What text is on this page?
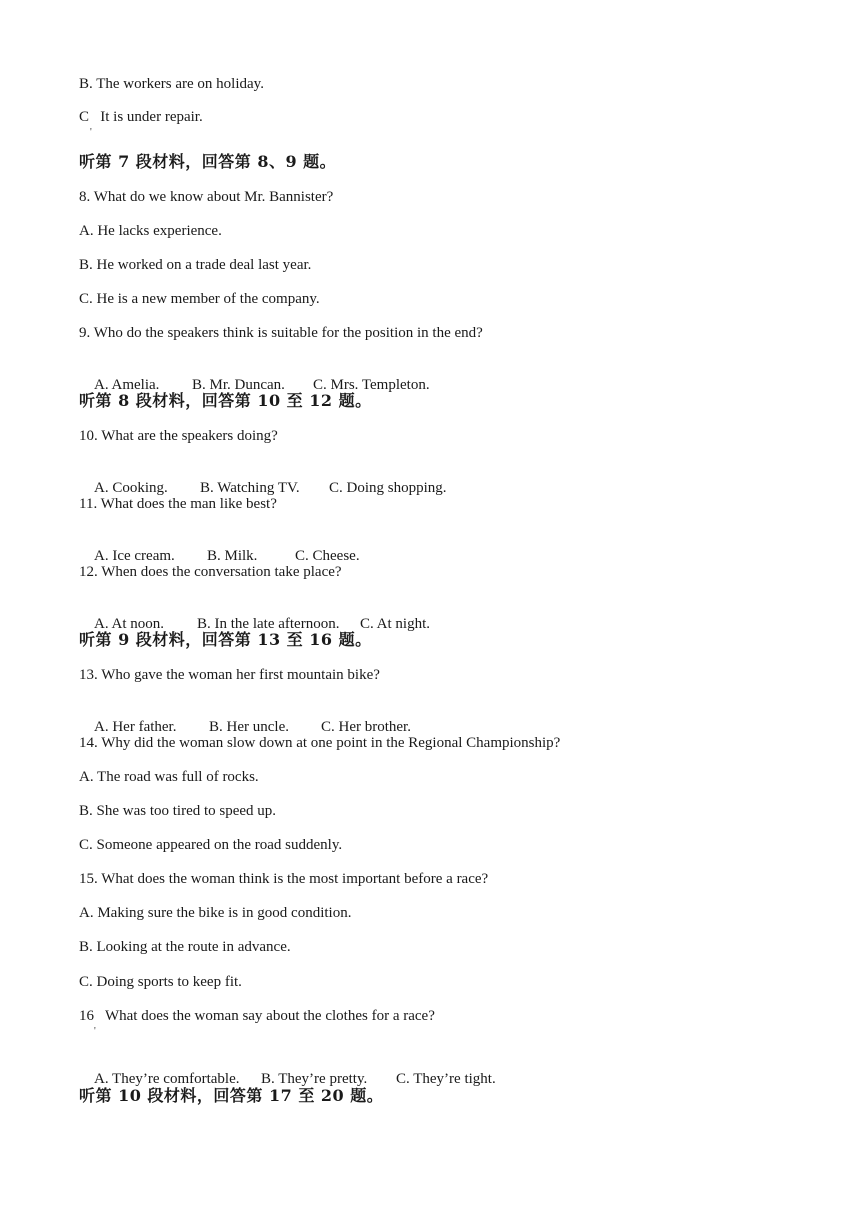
B. The workers are on holiday.
C   It is under repair.
'
听第 7 段材料，回答第 8、9 题。
8. What do we know about Mr. Bannister?
A. He lacks experience.
B. He worked on a trade deal last year.
C. He is a new member of the company.
9. Who do the speakers think is suitable for the position in the end?

A. Amelia. B. Mr. Duncan. C. Mrs. Templeton.

听第 8 段材料，回答第 10 至 12 题。
10. What are the speakers doing?

A. Cooking. B. Watching TV. C. Doing shopping.

11. What does the man like best?

A. Ice cream. B. Milk.	C. Cheese.

12. When does the conversation take place?

A. At noon. B. In the late afternoon. C. At night.

听第 9 段材料，回答第 13 至 16 题。
13. Who gave the woman her first mountain bike?

A. Her father. B. Her uncle. C. Her brother.

14. Why did the woman slow down at one point in the Regional Championship?
A. The road was full of rocks.
B. She was too tired to speed up.
C. Someone appeared on the road suddenly.
15. What does the woman think is the most important before a race?
A. Making sure the bike is in good condition.
B. Looking at the route in advance.
C. Doing sports to keep fit.
16   What does the woman say about the clothes for a race?
'

A. They’re comfortable. B. They’re pretty. C. They’re tight.

听第 10 段材料，回答第 17 至 20 题。
